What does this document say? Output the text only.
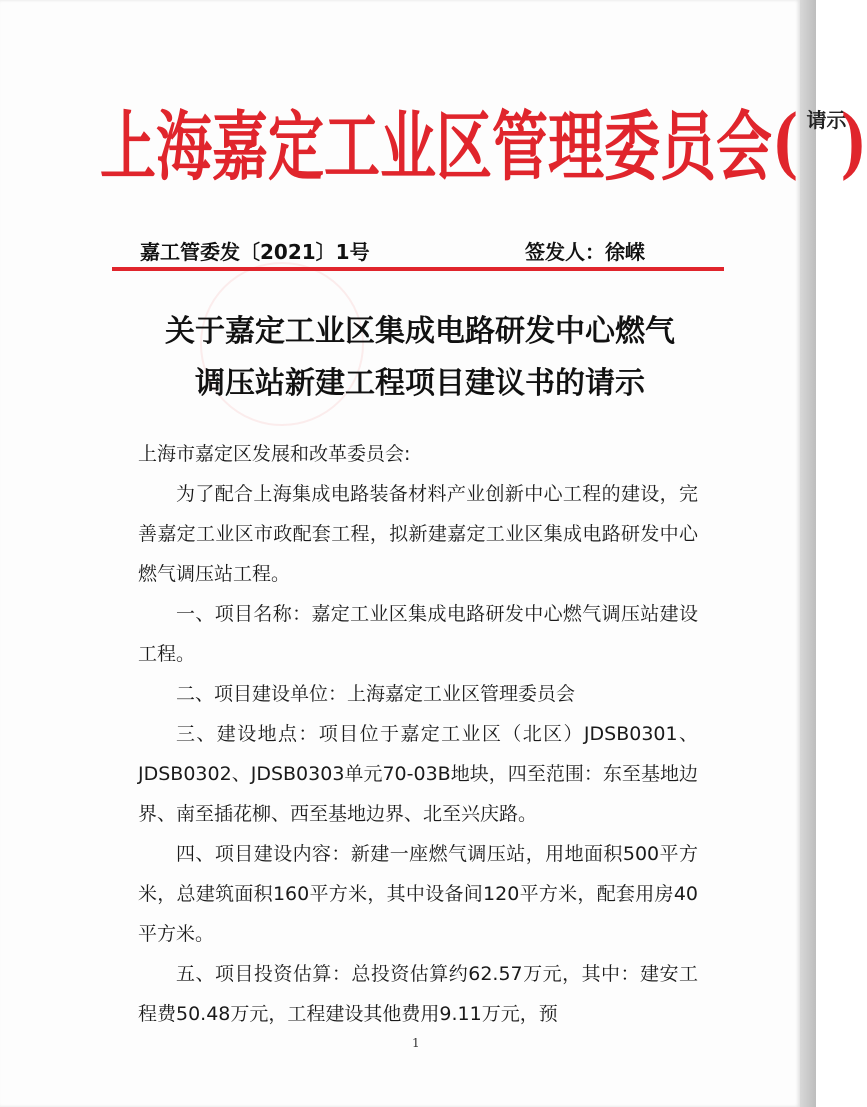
上海嘉定工业区管理委员会( 请示)
嘉工管委发〔2021〕1号	签发人：徐嵘
关于嘉定工业区集成电路研发中心燃气
调压站新建工程项目建议书的请示

上海市嘉定区发展和改革委员会:

为了配合上海集成电路装备材料产业创新中心工程的建设，完善嘉定工业区市政配套工程，拟新建嘉定工业区集成电路研发中心燃气调压站工程。

一、项目名称：嘉定工业区集成电路研发中心燃气调压站建设工程。

二、项目建设单位：上海嘉定工业区管理委员会

三、建设地点：项目位于嘉定工业区（北区）JDSB0301、JDSB0302、JDSB0303单元70-03B地块，四至范围：东至基地边界、南至插花柳、西至基地边界、北至兴庆路。

四、项目建设内容：新建一座燃气调压站，用地面积500平方米，总建筑面积160平方米，其中设备间120平方米，配套用房40平方米。

五、项目投资估算：总投资估算约62.57万元，其中：建安工程费50.48万元，工程建设其他费用9.11万元，预

1
